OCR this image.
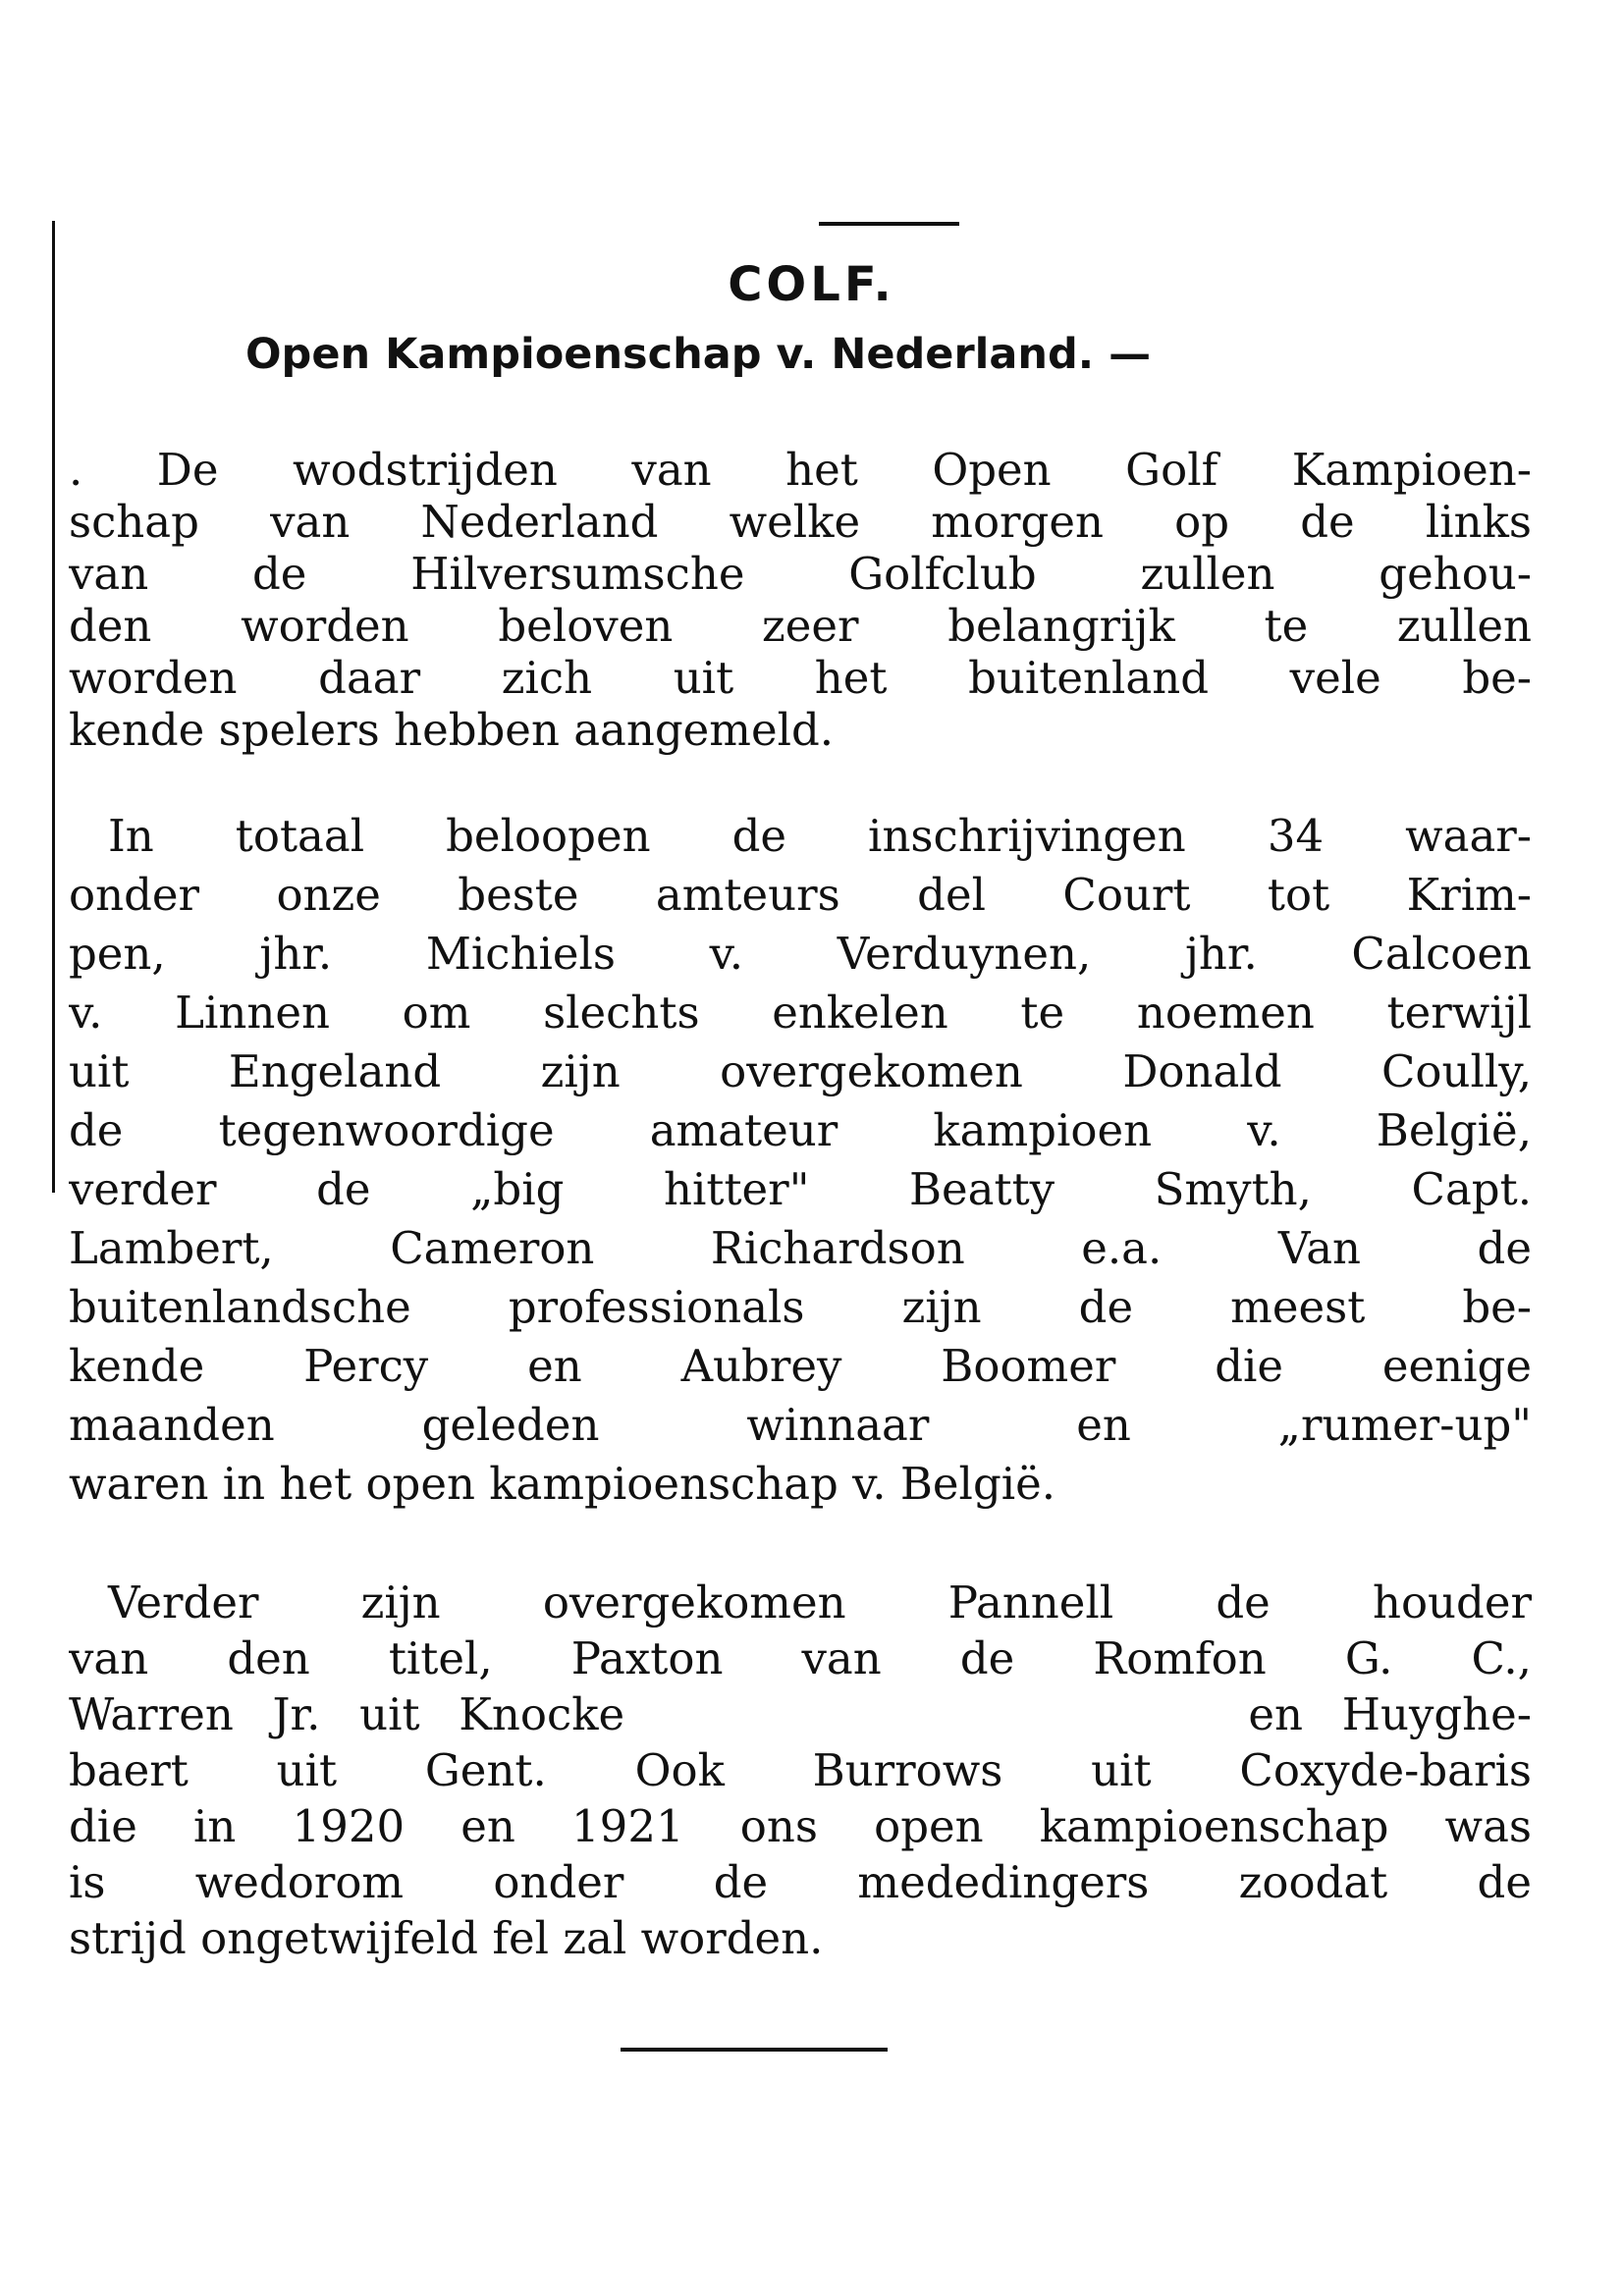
COLF.
Open Kampioenschap v. Nederland. —
. De wodstrijden van het Open Golf Kampioen-
schap van Nederland welke morgen op de links
van de Hilversumsche Golfclub zullen gehou-
den worden beloven zeer belangrijk te zullen
worden daar zich uit het buitenland vele be-
kende spelers hebben aangemeld.
In totaal beloopen de inschrijvingen 34 waar-
onder onze beste amteurs del Court tot Krim-
pen, jhr. Michiels v. Verduynen, jhr. Calcoen
v. Linnen om slechts enkelen te noemen terwijl
uit Engeland zijn overgekomen Donald Coully,
de tegenwoordige amateur kampioen v. België,
verder de „big hitter" Beatty Smyth, Capt.
Lambert, Cameron Richardson e.a. Van de
buitenlandsche professionals zijn de meest be-
kende Percy en Aubrey Boomer die eenige
maanden geleden winnaar en „rumer-up"
waren in het open kampioenschap v. België.
Verder zijn overgekomen Pannell de houder
van den titel, Paxton van de Romfon G. C.,
Warren Jr. uit Knocke                en Huyghe-
baert uit Gent. Ook Burrows uit Coxyde-baris
die in 1920 en 1921 ons open kampioenschap was
is wedorom onder de mededingers zoodat de
strijd ongetwijfeld fel zal worden.
